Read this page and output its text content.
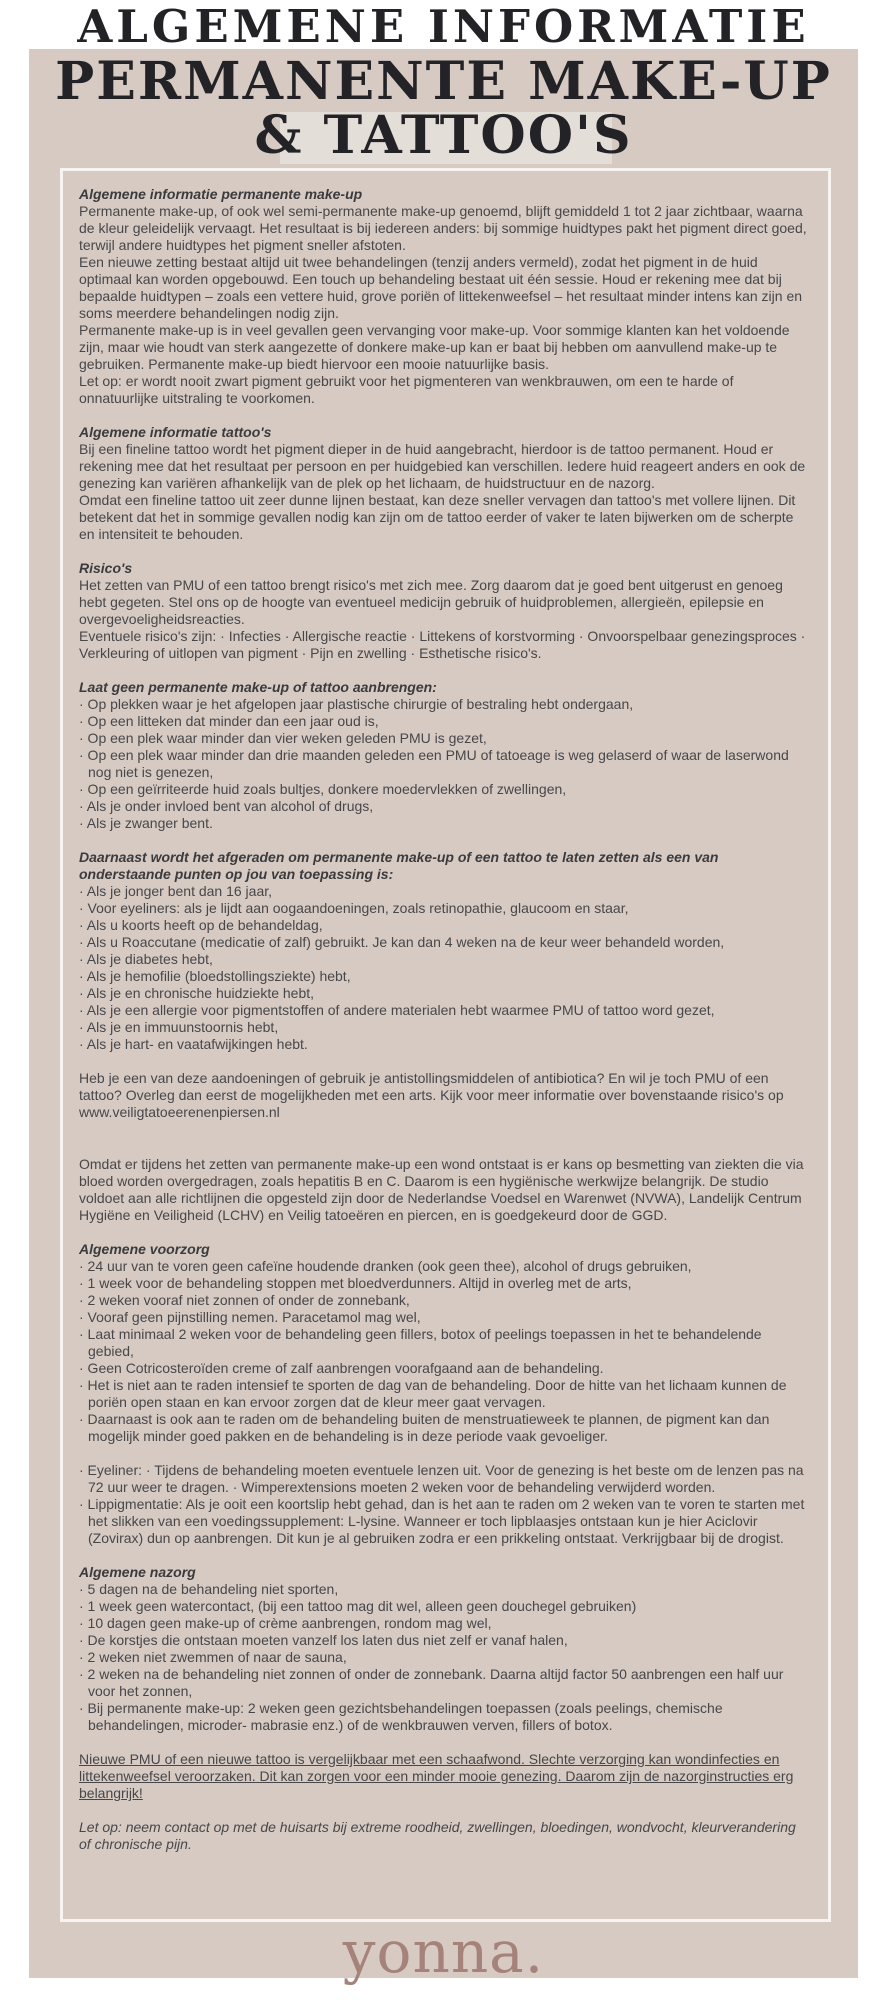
ALGEMENE INFORMATIE
PERMANENTE MAKE-UP
& TATTOO'S
Algemene informatie permanente make-up
Permanente make-up, of ook wel semi-permanente make-up genoemd, blijft gemiddeld 1 tot 2 jaar zichtbaar, waarna de kleur geleidelijk vervaagt. Het resultaat is bij iedereen anders: bij sommige huidtypes pakt het pigment direct goed, terwijl andere huidtypes het pigment sneller afstoten.
Een nieuwe zetting bestaat altijd uit twee behandelingen (tenzij anders vermeld), zodat het pigment in de huid optimaal kan worden opgebouwd. Een touch up behandeling bestaat uit één sessie. Houd er rekening mee dat bij bepaalde huidtypen – zoals een vettere huid, grove poriën of littekenweefsel – het resultaat minder intens kan zijn en soms meerdere behandelingen nodig zijn.
Permanente make-up is in veel gevallen geen vervanging voor make-up. Voor sommige klanten kan het voldoende zijn, maar wie houdt van sterk aangezette of donkere make-up kan er baat bij hebben om aanvullend make-up te gebruiken. Permanente make-up biedt hiervoor een mooie natuurlijke basis.
Let op: er wordt nooit zwart pigment gebruikt voor het pigmenteren van wenkbrauwen, om een te harde of onnatuurlijke uitstraling te voorkomen.
Algemene informatie tattoo's
Bij een fineline tattoo wordt het pigment dieper in de huid aangebracht, hierdoor is de tattoo permanent. Houd er rekening mee dat het resultaat per persoon en per huidgebied kan verschillen. Iedere huid reageert anders en ook de genezing kan variëren afhankelijk van de plek op het lichaam, de huidstructuur en de nazorg.
Omdat een fineline tattoo uit zeer dunne lijnen bestaat, kan deze sneller vervagen dan tattoo's met vollere lijnen. Dit betekent dat het in sommige gevallen nodig kan zijn om de tattoo eerder of vaker te laten bijwerken om de scherpte en intensiteit te behouden.
Risico's
Het zetten van PMU of een tattoo brengt risico's met zich mee. Zorg daarom dat je goed bent uitgerust en genoeg hebt gegeten. Stel ons op de hoogte van eventueel medicijn gebruik of huidproblemen, allergieën, epilepsie en overgevoeligheidsreacties.
Eventuele risico's zijn: · Infecties · Allergische reactie · Littekens of korstvorming · Onvoorspelbaar genezingsproces · Verkleuring of uitlopen van pigment · Pijn en zwelling · Esthetische risico's.
Laat geen permanente make-up of tattoo aanbrengen:
· Op plekken waar je het afgelopen jaar plastische chirurgie of bestraling hebt ondergaan,
· Op een litteken dat minder dan een jaar oud is,
· Op een plek waar minder dan vier weken geleden PMU is gezet,
· Op een plek waar minder dan drie maanden geleden een PMU of tatoeage is weg gelaserd of waar de laserwond nog niet is genezen,
· Op een geïrriteerde huid zoals bultjes, donkere moedervlekken of zwellingen,
· Als je onder invloed bent van alcohol of drugs,
· Als je zwanger bent.
Daarnaast wordt het afgeraden om permanente make-up of een tattoo te laten zetten als een van onderstaande punten op jou van toepassing is:
· Als je jonger bent dan 16 jaar,
· Voor eyeliners: als je lijdt aan oogaandoeningen, zoals retinopathie, glaucoom en staar,
· Als u koorts heeft op de behandeldag,
· Als u Roaccutane (medicatie of zalf) gebruikt. Je kan dan 4 weken na de keur weer behandeld worden,
· Als je diabetes hebt,
· Als je hemofilie (bloedstollingsziekte) hebt,
· Als je en chronische huidziekte hebt,
· Als je een allergie voor pigmentstoffen of andere materialen hebt waarmee PMU of tattoo word gezet,
· Als je en immuunstoornis hebt,
· Als je hart- en vaatafwijkingen hebt.
Heb je een van deze aandoeningen of gebruik je antistollingsmiddelen of antibiotica? En wil je toch PMU of een tattoo? Overleg dan eerst de mogelijkheden met een arts. Kijk voor meer informatie over bovenstaande risico's op www.veiligtatoeerenenpiersen.nl
Omdat er tijdens het zetten van permanente make-up een wond ontstaat is er kans op besmetting van ziekten die via bloed worden overgedragen, zoals hepatitis B en C. Daarom is een hygiënische werkwijze belangrijk. De studio voldoet aan alle richtlijnen die opgesteld zijn door de Nederlandse Voedsel en Warenwet (NVWA), Landelijk Centrum Hygiëne en Veiligheid (LCHV) en Veilig tatoeëren en piercen, en is goedgekeurd door de GGD.
Algemene voorzorg
· 24 uur van te voren geen cafeïne houdende dranken (ook geen thee), alcohol of drugs gebruiken,
· 1 week voor de behandeling stoppen met bloedverdunners. Altijd in overleg met de arts,
· 2 weken vooraf niet zonnen of onder de zonnebank,
· Vooraf geen pijnstilling nemen. Paracetamol mag wel,
· Laat minimaal 2 weken voor de behandeling geen fillers, botox of peelings toepassen in het te behandelende gebied,
· Geen Cotricosteroïden creme of zalf aanbrengen voorafgaand aan de behandeling.
· Het is niet aan te raden intensief te sporten de dag van de behandeling. Door de hitte van het lichaam kunnen de poriën open staan en kan ervoor zorgen dat de kleur meer gaat vervagen.
· Daarnaast is ook aan te raden om de behandeling buiten de menstruatieweek te plannen, de pigment kan dan mogelijk minder goed pakken en de behandeling is in deze periode vaak gevoeliger.
· Eyeliner: · Tijdens de behandeling moeten eventuele lenzen uit. Voor de genezing is het beste om de lenzen pas na 72 uur weer te dragen. · Wimperextensions moeten 2 weken voor de behandeling verwijderd worden.
· Lippigmentatie: Als je ooit een koortslip hebt gehad, dan is het aan te raden om 2 weken van te voren te starten met het slikken van een voedingssupplement: L-lysine. Wanneer er toch lipblaasjes ontstaan kun je hier Aciclovir (Zovirax) dun op aanbrengen. Dit kun je al gebruiken zodra er een prikkeling ontstaat. Verkrijgbaar bij de drogist.
Algemene nazorg
· 5 dagen na de behandeling niet sporten,
· 1 week geen watercontact, (bij een tattoo mag dit wel, alleen geen douchegel gebruiken)
· 10 dagen geen make-up of crème aanbrengen, rondom mag wel,
· De korstjes die ontstaan moeten vanzelf los laten dus niet zelf er vanaf halen,
· 2 weken niet zwemmen of naar de sauna,
· 2 weken na de behandeling niet zonnen of onder de zonnebank. Daarna altijd factor 50 aanbrengen een half uur voor het zonnen,
· Bij permanente make-up: 2 weken geen gezichtsbehandelingen toepassen (zoals peelings, chemische behandelingen, microder- mabrasie enz.) of de wenkbrauwen verven, fillers of botox.
Nieuwe PMU of een nieuwe tattoo is vergelijkbaar met een schaafwond. Slechte verzorging kan wondinfecties en littekenweefsel veroorzaken. Dit kan zorgen voor een minder mooie genezing. Daarom zijn de nazorginstructies erg belangrijk!
Let op: neem contact op met de huisarts bij extreme roodheid, zwellingen, bloedingen, wondvocht, kleurverandering of chronische pijn.
yonna.
